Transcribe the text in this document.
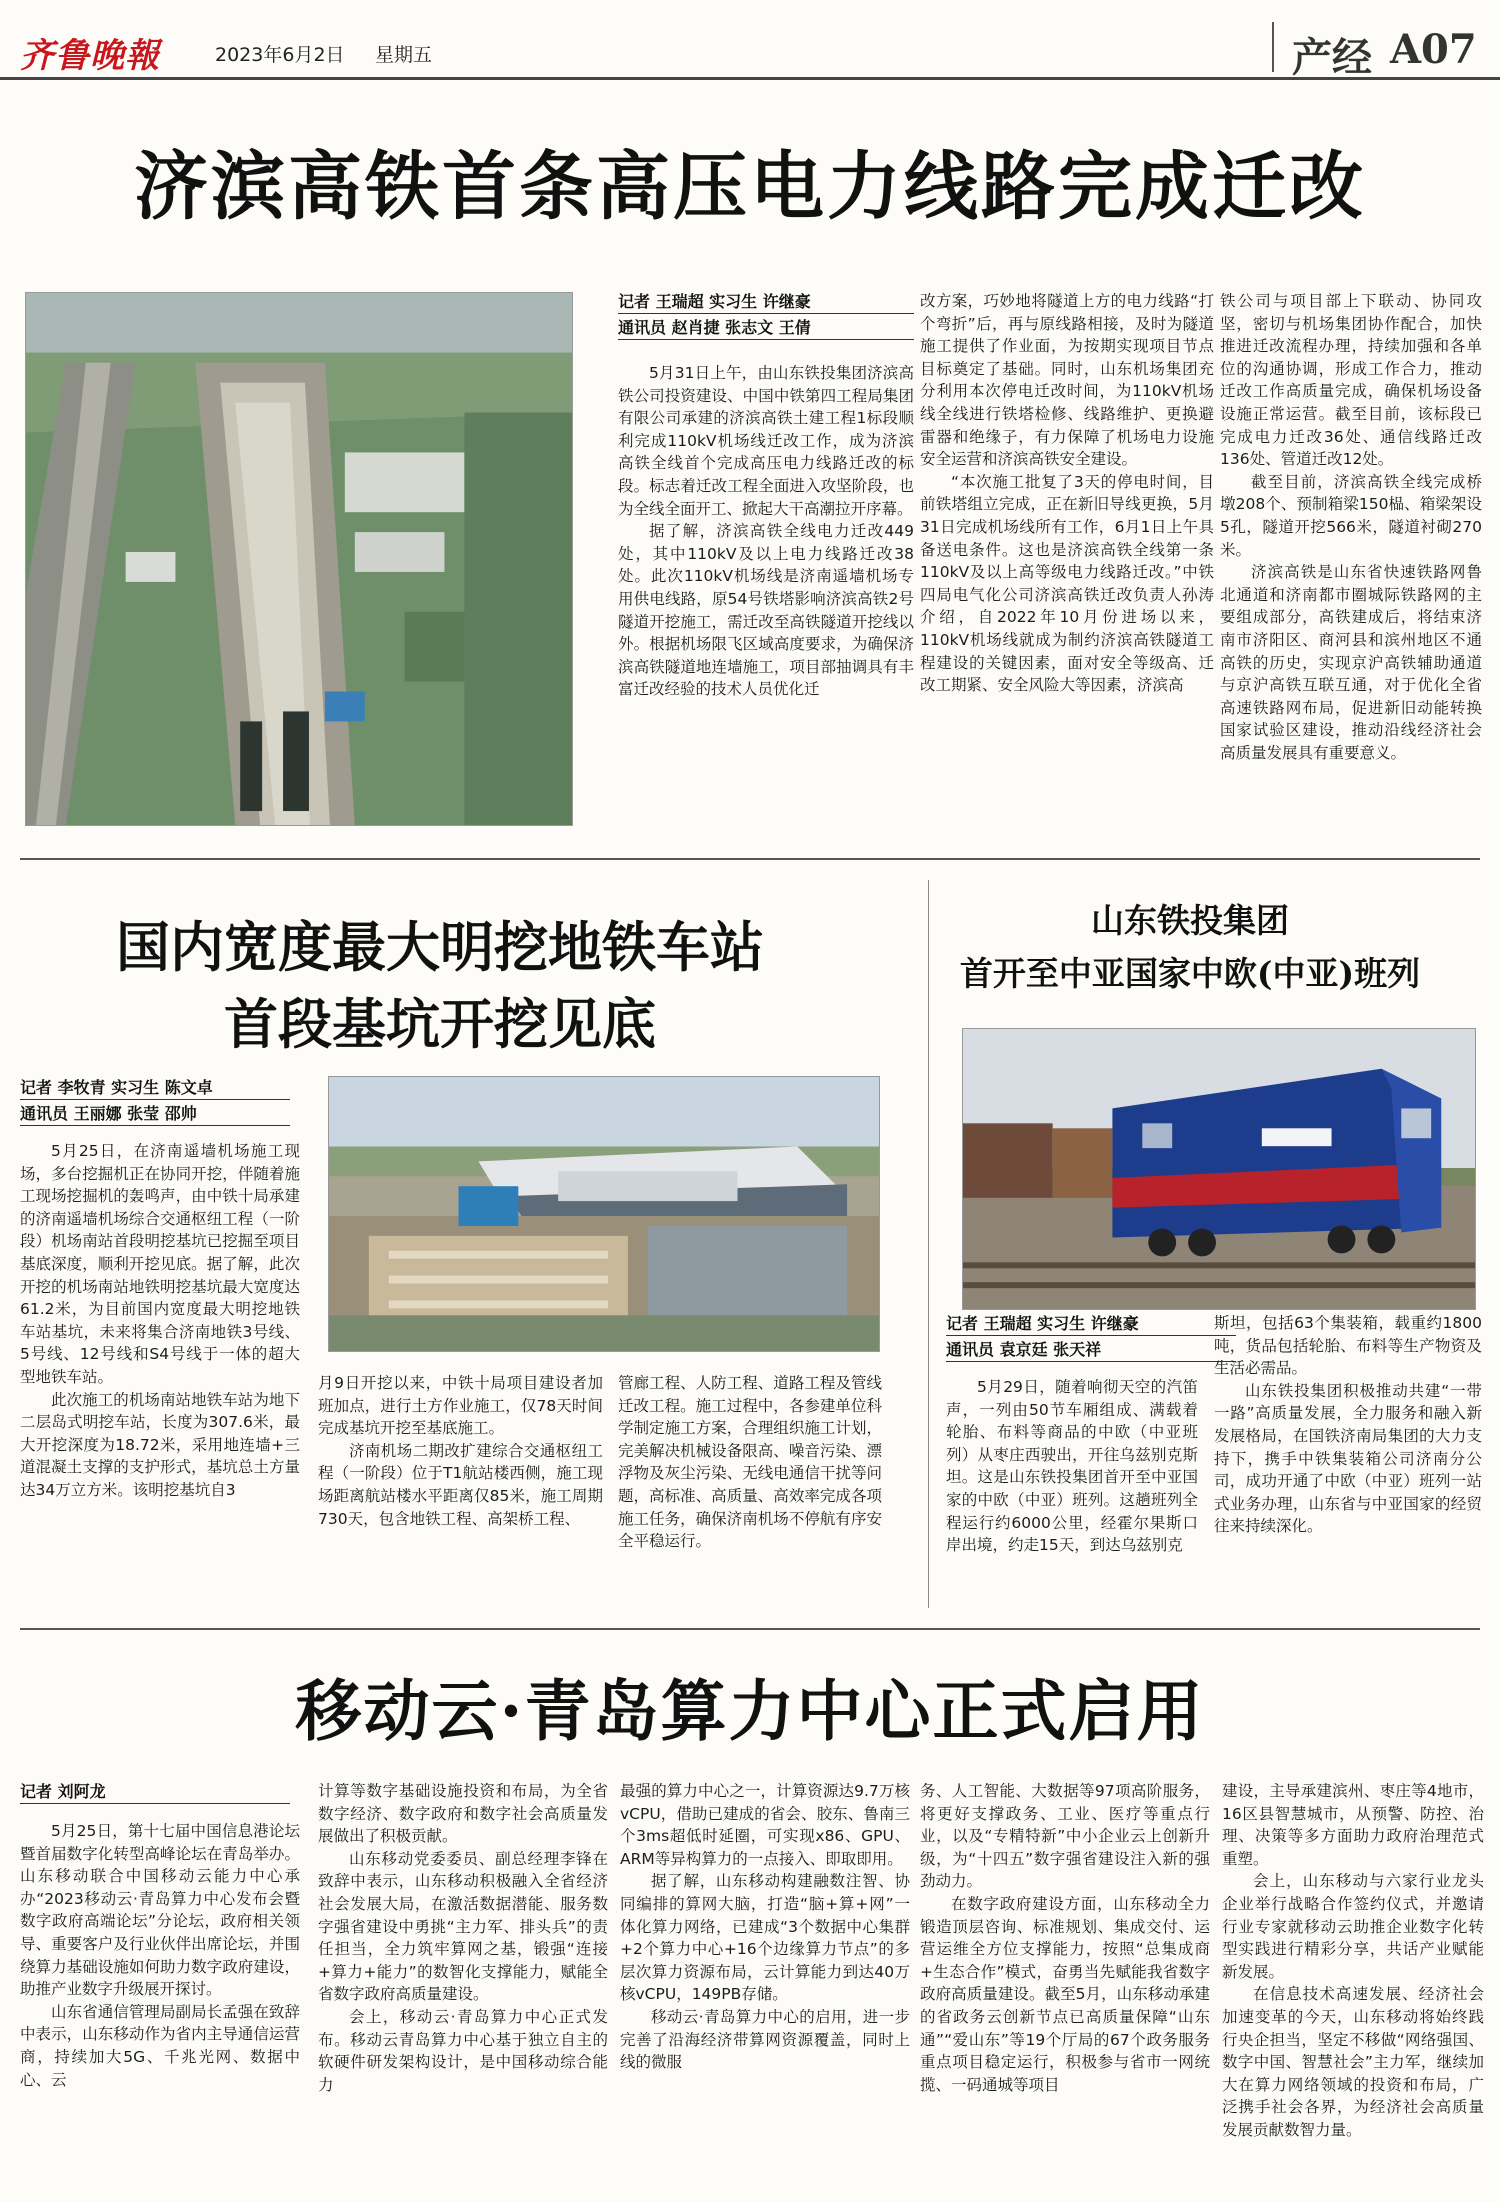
齐鲁晚報	2023年6月2日 星期五	产经 A07
济滨高铁首条高压电力线路完成迁改
记者 王瑞超 实习生 许继豪
通讯员 赵肖捷 张志文 王倩

5月31日上午，由山东铁投集团济滨高铁公司投资建设、中国中铁第四工程局集团有限公司承建的济滨高铁土建工程1标段顺利完成110kV机场线迁改工作，成为济滨高铁全线首个完成高压电力线路迁改的标段。标志着迁改工程全面进入攻坚阶段，也为全线全面开工、掀起大干高潮拉开序幕。

据了解，济滨高铁全线电力迁改449处，其中110kV及以上电力线路迁改38处。此次110kV机场线是济南遥墙机场专用供电线路，原54号铁塔影响济滨高铁2号隧道开挖施工，需迁改至高铁隧道开挖线以外。根据机场限飞区域高度要求，为确保济滨高铁隧道地连墙施工，项目部抽调具有丰富迁改经验的技术人员优化迁

改方案，巧妙地将隧道上方的电力线路“打个弯折”后，再与原线路相接，及时为隧道施工提供了作业面，为按期实现项目节点目标奠定了基础。同时，山东机场集团充分利用本次停电迁改时间，为110kV机场线全线进行铁塔检修、线路维护、更换避雷器和绝缘子，有力保障了机场电力设施安全运营和济滨高铁安全建设。

“本次施工批复了3天的停电时间，目前铁塔组立完成，正在新旧导线更换，5月31日完成机场线所有工作，6月1日上午具备送电条件。这也是济滨高铁全线第一条110kV及以上高等级电力线路迁改。”中铁四局电气化公司济滨高铁迁改负责人孙涛介绍，自2022年10月份进场以来，110kV机场线就成为制约济滨高铁隧道工程建设的关键因素，面对安全等级高、迁改工期紧、安全风险大等因素，济滨高

铁公司与项目部上下联动、协同攻坚，密切与机场集团协作配合，加快推进迁改流程办理，持续加强和各单位的沟通协调，形成工作合力，推动迁改工作高质量完成，确保机场设备设施正常运营。截至目前，该标段已完成电力迁改36处、通信线路迁改136处、管道迁改12处。

截至目前，济滨高铁全线完成桥墩208个、预制箱梁150榀、箱梁架设5孔，隧道开挖566米，隧道衬砌270米。

济滨高铁是山东省快速铁路网鲁北通道和济南都市圈城际铁路网的主要组成部分，高铁建成后，将结束济南市济阳区、商河县和滨州地区不通高铁的历史，实现京沪高铁辅助通道与京沪高铁互联互通，对于优化全省高速铁路网布局，促进新旧动能转换国家试验区建设，推动沿线经济社会高质量发展具有重要意义。

国内宽度最大明挖地铁车站
首段基坑开挖见底
记者 李牧青 实习生 陈文卓
通讯员 王丽娜 张莹 邵帅

5月25日，在济南遥墙机场施工现场，多台挖掘机正在协同开挖，伴随着施工现场挖掘机的轰鸣声，由中铁十局承建的济南遥墙机场综合交通枢纽工程（一阶段）机场南站首段明挖基坑已挖掘至项目基底深度，顺利开挖见底。据了解，此次开挖的机场南站地铁明挖基坑最大宽度达61.2米，为目前国内宽度最大明挖地铁车站基坑，未来将集合济南地铁3号线、5号线、12号线和S4号线于一体的超大型地铁车站。

此次施工的机场南站地铁车站为地下二层岛式明挖车站，长度为307.6米，最大开挖深度为18.72米，采用地连墙+三道混凝土支撑的支护形式，基坑总土方量达34万立方米。该明挖基坑自3

月9日开挖以来，中铁十局项目建设者加班加点，进行土方作业施工，仅78天时间完成基坑开挖至基底施工。

济南机场二期改扩建综合交通枢纽工程（一阶段）位于T1航站楼西侧，施工现场距离航站楼水平距离仅85米，施工周期730天，包含地铁工程、高架桥工程、

管廊工程、人防工程、道路工程及管线迁改工程。施工过程中，各参建单位科学制定施工方案，合理组织施工计划，完美解决机械设备限高、噪音污染、漂浮物及灰尘污染、无线电通信干扰等问题，高标准、高质量、高效率完成各项施工任务，确保济南机场不停航有序安全平稳运行。

山东铁投集团
首开至中亚国家中欧(中亚)班列
记者 王瑞超 实习生 许继豪
通讯员 袁京廷 张天祥

5月29日，随着响彻天空的汽笛声，一列由50节车厢组成、满载着轮胎、布料等商品的中欧（中亚班列）从枣庄西驶出，开往乌兹别克斯坦。这是山东铁投集团首开至中亚国家的中欧（中亚）班列。这趟班列全程运行约6000公里，经霍尔果斯口岸出境，约走15天，到达乌兹别克

斯坦，包括63个集装箱，载重约1800吨，货品包括轮胎、布料等生产物资及生活必需品。

山东铁投集团积极推动共建“一带一路”高质量发展，全力服务和融入新发展格局，在国铁济南局集团的大力支持下，携手中铁集装箱公司济南分公司，成功开通了中欧（中亚）班列一站式业务办理，山东省与中亚国家的经贸往来持续深化。

移动云·青岛算力中心正式启用
记者 刘阿龙

5月25日，第十七届中国信息港论坛暨首届数字化转型高峰论坛在青岛举办。山东移动联合中国移动云能力中心承办“2023移动云·青岛算力中心发布会暨数字政府高端论坛”分论坛，政府相关领导、重要客户及行业伙伴出席论坛，并围绕算力基础设施如何助力数字政府建设，助推产业数字升级展开探讨。

山东省通信管理局副局长孟强在致辞中表示，山东移动作为省内主导通信运营商，持续加大5G、千兆光网、数据中心、云

计算等数字基础设施投资和布局，为全省数字经济、数字政府和数字社会高质量发展做出了积极贡献。

山东移动党委委员、副总经理李锋在致辞中表示，山东移动积极融入全省经济社会发展大局，在激活数据潜能、服务数字强省建设中勇挑“主力军、排头兵”的责任担当，全力筑牢算网之基，锻强“连接+算力+能力”的数智化支撑能力，赋能全省数字政府高质量建设。

会上，移动云·青岛算力中心正式发布。移动云青岛算力中心基于独立自主的软硬件研发架构设计，是中国移动综合能力

最强的算力中心之一，计算资源达9.7万核vCPU，借助已建成的省会、胶东、鲁南三个3ms超低时延圈，可实现x86、GPU、ARM等异构算力的一点接入、即取即用。

据了解，山东移动构建融数注智、协同编排的算网大脑，打造“脑+算+网”一体化算力网络，已建成“3个数据中心集群+2个算力中心+16个边缘算力节点”的多层次算力资源布局，云计算能力到达40万核vCPU，149PB存储。

移动云·青岛算力中心的启用，进一步完善了沿海经济带算网资源覆盖，同时上线的微服

务、人工智能、大数据等97项高阶服务，将更好支撑政务、工业、医疗等重点行业，以及“专精特新”中小企业云上创新升级，为“十四五”数字强省建设注入新的强劲动力。

在数字政府建设方面，山东移动全力锻造顶层咨询、标准规划、集成交付、运营运维全方位支撑能力，按照“总集成商+生态合作”模式，奋勇当先赋能我省数字政府高质量建设。截至5月，山东移动承建的省政务云创新节点已高质量保障“山东通”“爱山东”等19个厅局的67个政务服务重点项目稳定运行，积极参与省市一网统揽、一码通城等项目

建设，主导承建滨州、枣庄等4地市，16区县智慧城市，从预警、防控、治理、决策等多方面助力政府治理范式重塑。

会上，山东移动与六家行业龙头企业举行战略合作签约仪式，并邀请行业专家就移动云助推企业数字化转型实践进行精彩分享，共话产业赋能新发展。

在信息技术高速发展、经济社会加速变革的今天，山东移动将始终践行央企担当，坚定不移做“网络强国、数字中国、智慧社会”主力军，继续加大在算力网络领域的投资和布局，广泛携手社会各界，为经济社会高质量发展贡献数智力量。
